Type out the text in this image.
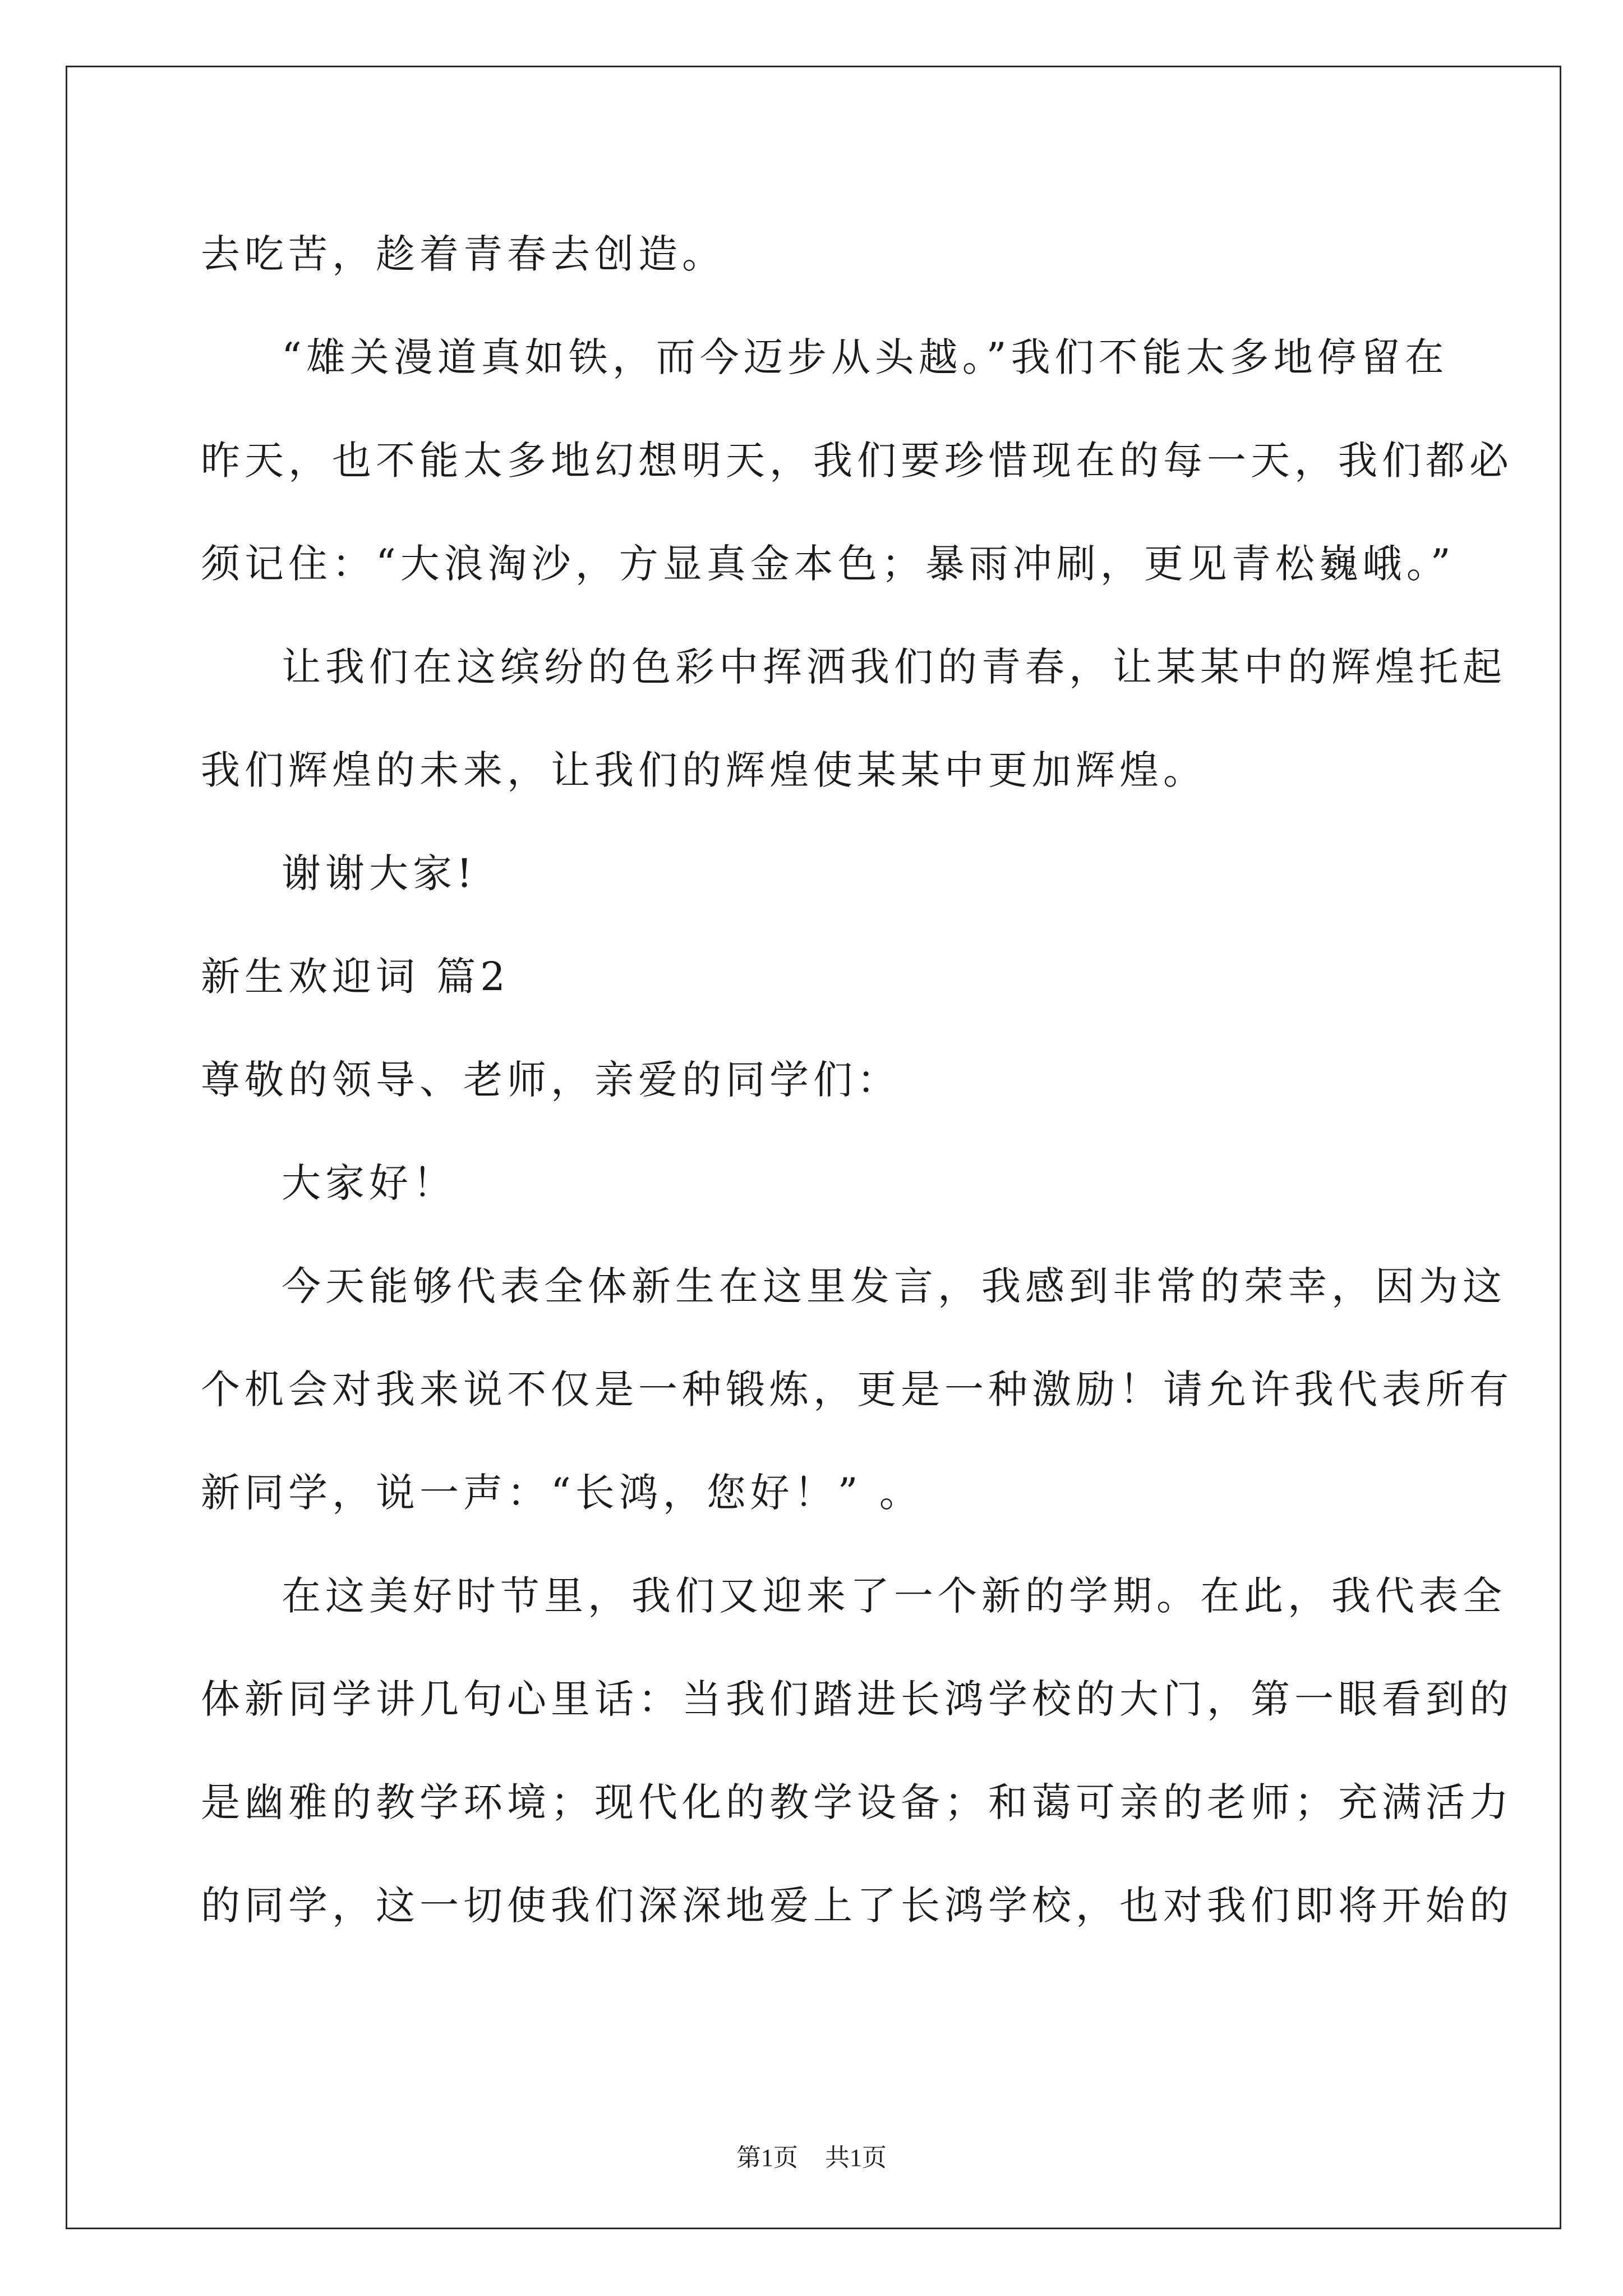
去吃苦，趁着青春去创造。
“雄关漫道真如铁，而今迈步从头越。”我们不能太多地停留在
昨天，也不能太多地幻想明天，我们要珍惜现在的每一天，我们都必
须记住：“大浪淘沙，方显真金本色；暴雨冲刷，更见青松巍峨。”
让我们在这缤纷的色彩中挥洒我们的青春，让某某中的辉煌托起
我们辉煌的未来，让我们的辉煌使某某中更加辉煌。
谢谢大家!
新生欢迎词 篇2
尊敬的领导、老师，亲爱的同学们：
大家好！
今天能够代表全体新生在这里发言，我感到非常的荣幸，因为这
个机会对我来说不仅是一种锻炼，更是一种激励！请允许我代表所有
新同学，说一声：“长鸿，您好！” 。
在这美好时节里，我们又迎来了一个新的学期。在此，我代表全
体新同学讲几句心里话：当我们踏进长鸿学校的大门，第一眼看到的
是幽雅的教学环境；现代化的教学设备；和蔼可亲的老师；充满活力
的同学，这一切使我们深深地爱上了长鸿学校，也对我们即将开始的
第1页 共1页
